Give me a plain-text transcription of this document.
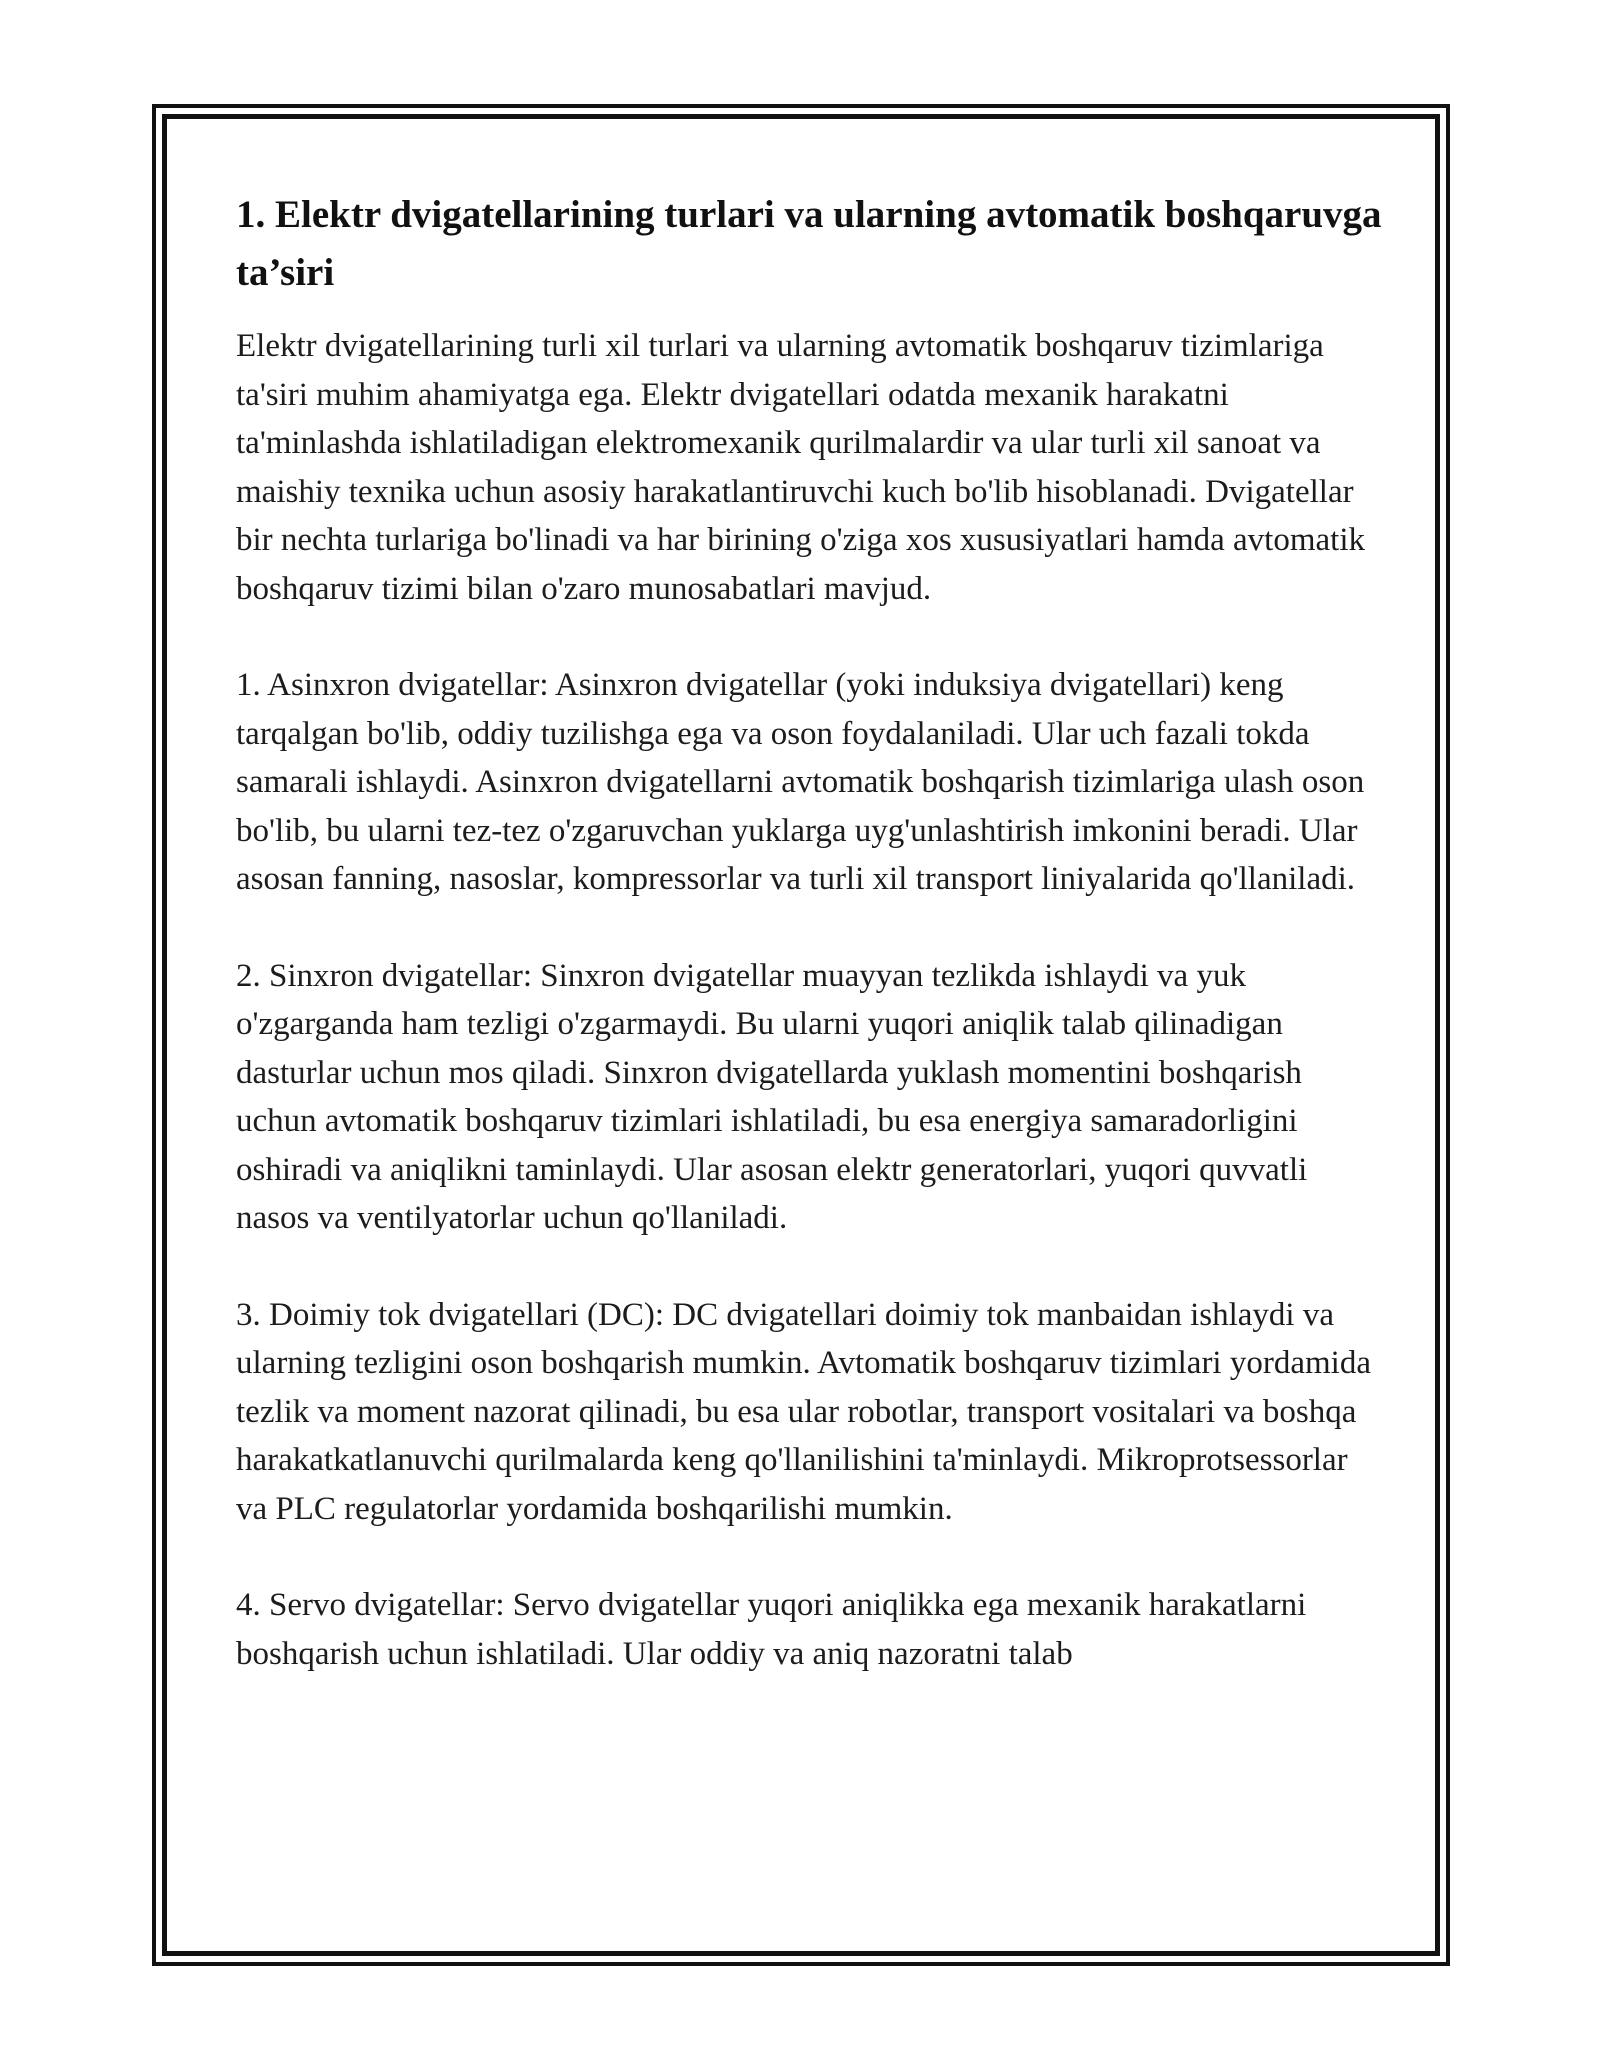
1. Elektr dvigatellarining turlari va ularning avtomatik boshqaruvga ta’siri

Elektr dvigatellarining turli xil turlari va ularning avtomatik boshqaruv tizimlariga ta'siri muhim ahamiyatga ega. Elektr dvigatellari odatda mexanik harakatni ta'minlashda ishlatiladigan elektromexanik qurilmalardir va ular turli xil sanoat va maishiy texnika uchun asosiy harakatlantiruvchi kuch bo'lib hisoblanadi. Dvigatellar bir nechta turlariga bo'linadi va har birining o'ziga xos xususiyatlari hamda avtomatik boshqaruv tizimi bilan o'zaro munosabatlari mavjud.

1. Asinxron dvigatellar: Asinxron dvigatellar (yoki induksiya dvigatellari) keng tarqalgan bo'lib, oddiy tuzilishga ega va oson foydalaniladi. Ular uch fazali tokda samarali ishlaydi. Asinxron dvigatellarni avtomatik boshqarish tizimlariga ulash oson bo'lib, bu ularni tez-tez o'zgaruvchan yuklarga uyg'unlashtirish imkonini beradi. Ular asosan fanning, nasoslar, kompressorlar va turli xil transport liniyalarida qo'llaniladi.

2. Sinxron dvigatellar: Sinxron dvigatellar muayyan tezlikda ishlaydi va yuk o'zgarganda ham tezligi o'zgarmaydi. Bu ularni yuqori aniqlik talab qilinadigan dasturlar uchun mos qiladi. Sinxron dvigatellarda yuklash momentini boshqarish uchun avtomatik boshqaruv tizimlari ishlatiladi, bu esa energiya samaradorligini oshiradi va aniqlikni taminlaydi. Ular asosan elektr generatorlari, yuqori quvvatli nasos va ventilyatorlar uchun qo'llaniladi.

3. Doimiy tok dvigatellari (DC): DC dvigatellari doimiy tok manbaidan ishlaydi va ularning tezligini oson boshqarish mumkin. Avtomatik boshqaruv tizimlari yordamida tezlik va moment nazorat qilinadi, bu esa ular robotlar, transport vositalari va boshqa harakatkatlanuvchi qurilmalarda keng qo'llanilishini ta'minlaydi. Mikroprotsessorlar va PLC regulatorlar yordamida boshqarilishi mumkin.

4. Servo dvigatellar: Servo dvigatellar yuqori aniqlikka ega mexanik harakatlarni boshqarish uchun ishlatiladi. Ular oddiy va aniq nazoratni talab
